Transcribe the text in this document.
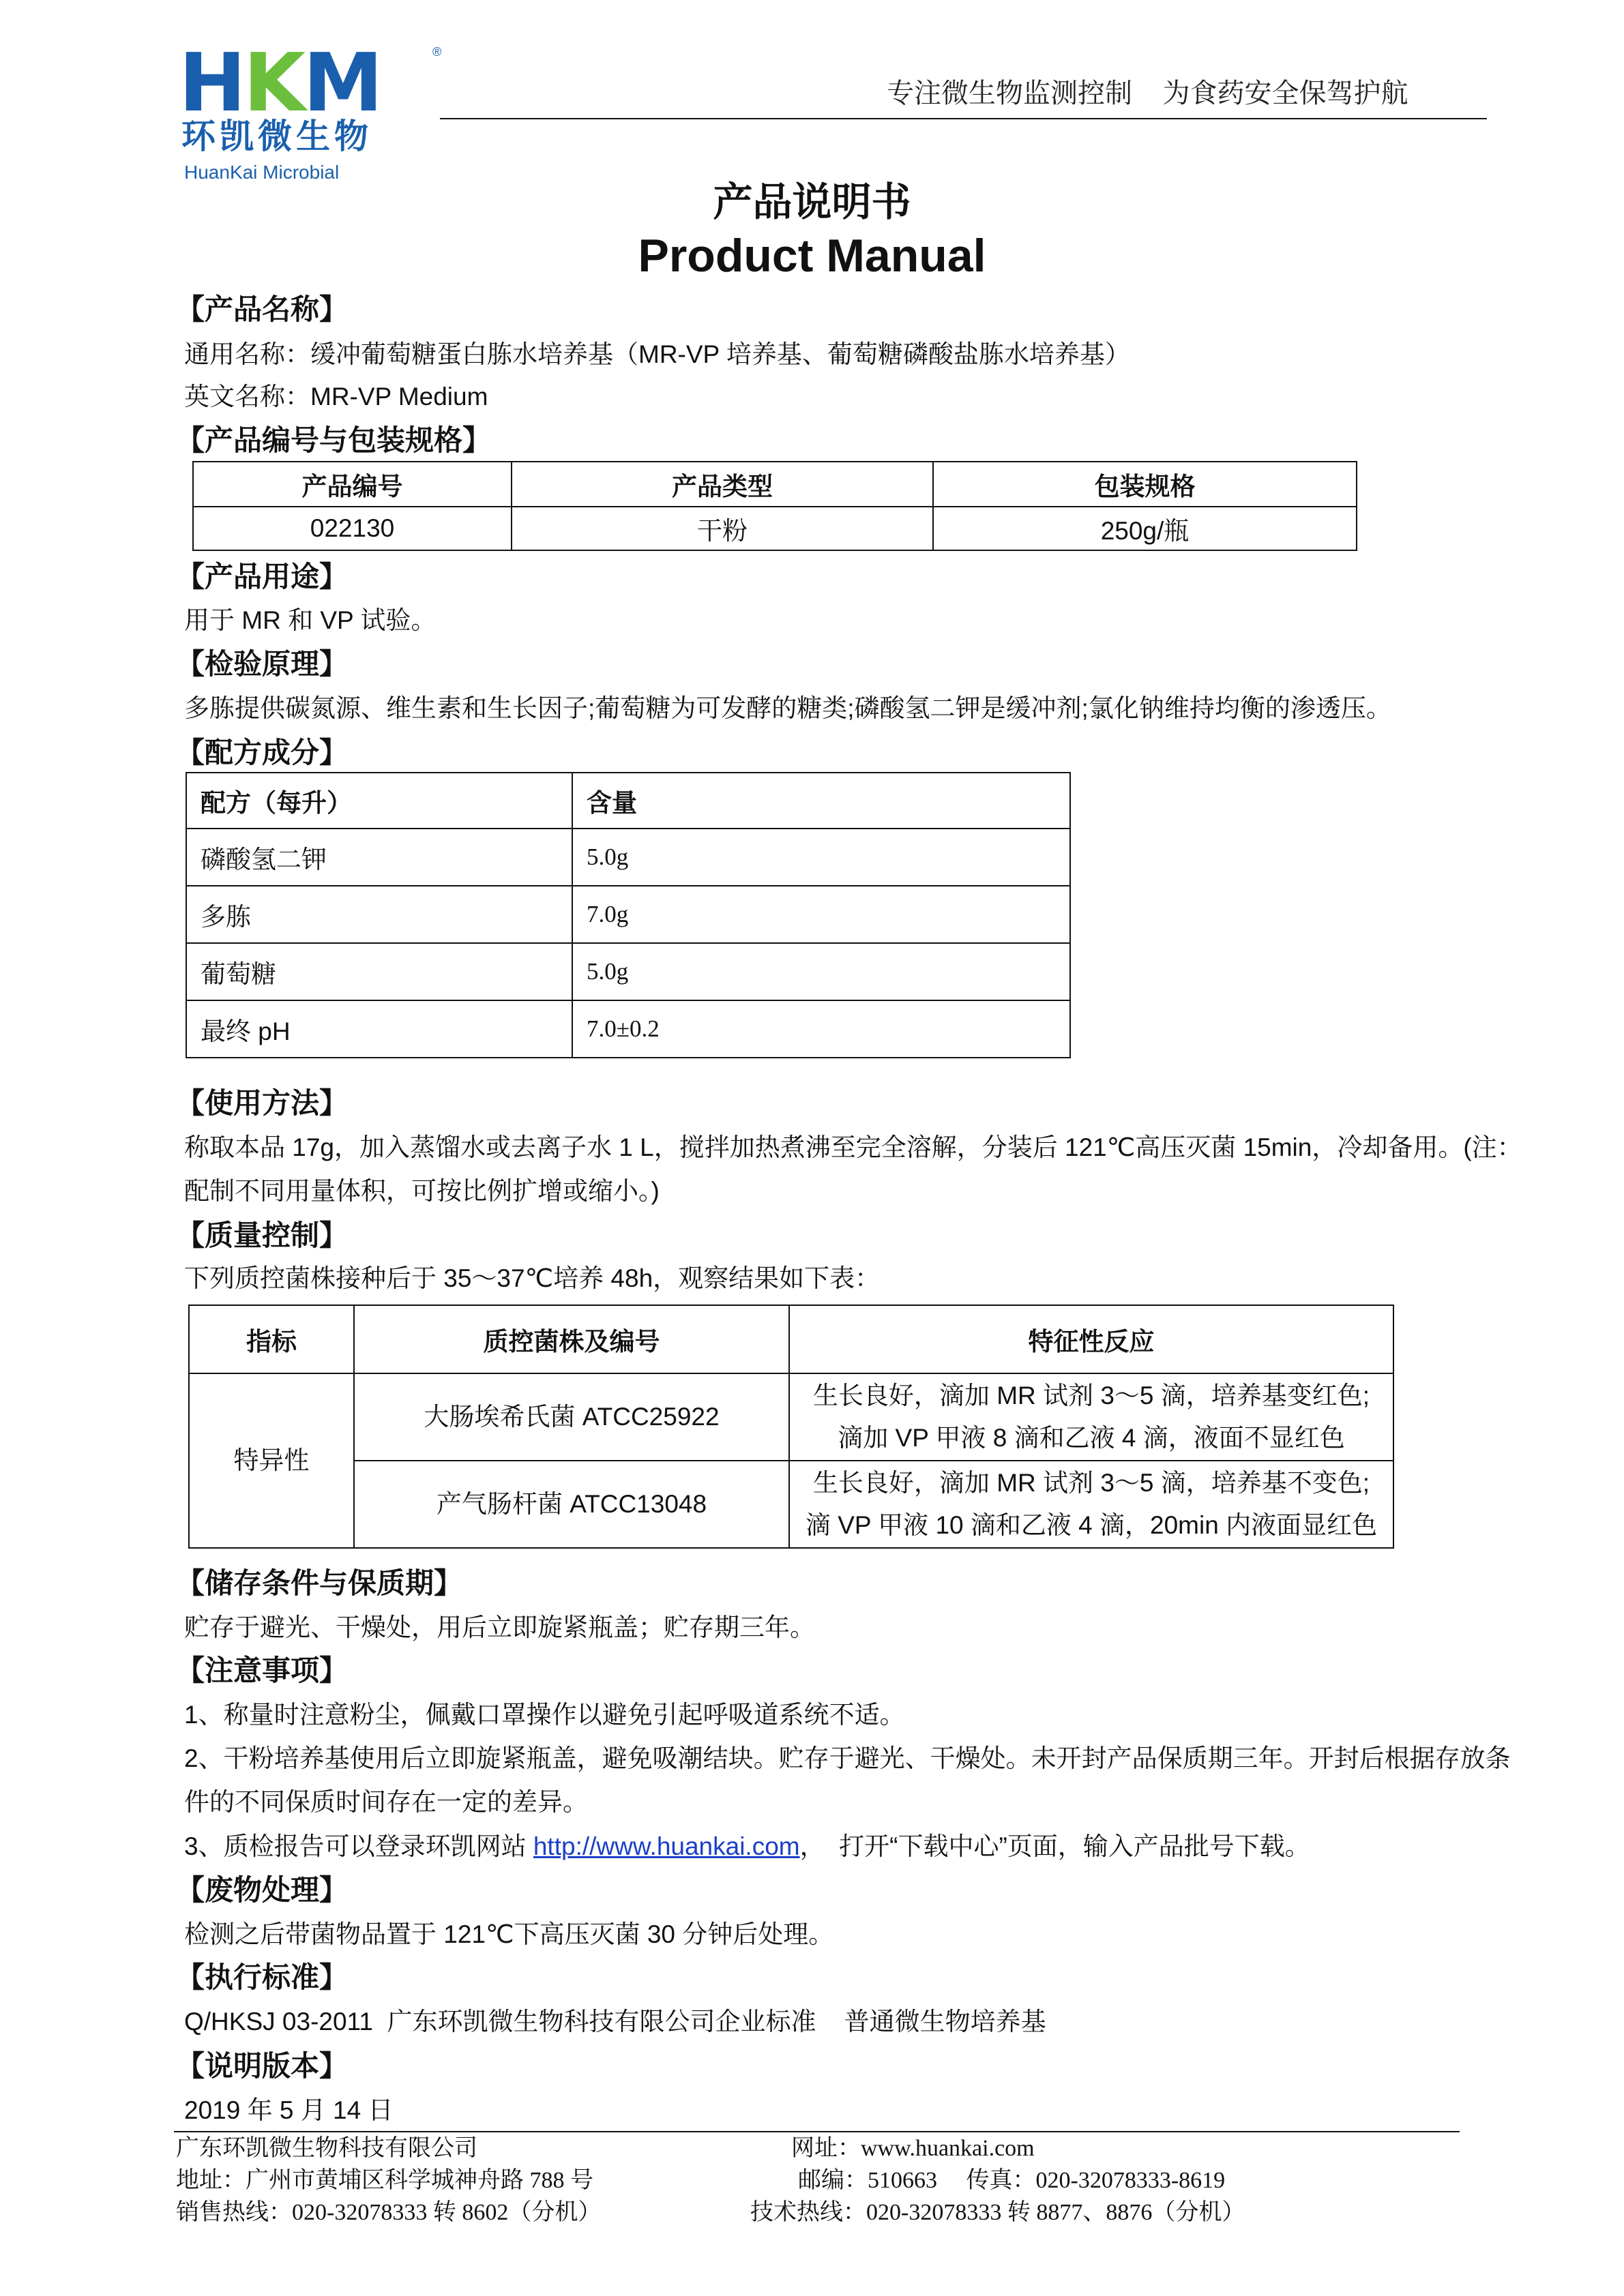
HKM	®
环凯微生物
HuanKai Microbial
专注微生物监测控制    为食药安全保驾护航
产品说明书
Product Manual
【产品名称】
通用名称：缓冲葡萄糖蛋白胨水培养基（MR-VP 培养基、葡萄糖磷酸盐胨水培养基）
英文名称：MR-VP Medium
【产品编号与包装规格】
产品编号	产品类型	包装规格
022130	干粉	250g/瓶
【产品用途】
用于 MR 和 VP 试验。
【检验原理】
多胨提供碳氮源、维生素和生长因子;葡萄糖为可发酵的糖类;磷酸氢二钾是缓冲剂;氯化钠维持均衡的渗透压。
【配方成分】
配方（每升）	含量
磷酸氢二钾	5.0g
多胨	7.0g
葡萄糖	5.0g
最终 pH	7.0±0.2
【使用方法】
称取本品 17g，加入蒸馏水或去离子水 1 L，搅拌加热煮沸至完全溶解，分装后 121℃高压灭菌 15min，冷却备用。(注：
配制不同用量体积，可按比例扩增或缩小。)
【质量控制】
下列质控菌株接种后于 35～37℃培养 48h，观察结果如下表：
指标	质控菌株及编号	特征性反应
特异性	大肠埃希氏菌 ATCC25922	生长良好，滴加 MR 试剂 3～5 滴，培养基变红色;
滴加 VP 甲液 8 滴和乙液 4 滴，液面不显红色

	产气肠杆菌 ATCC13048	生长良好，滴加 MR 试剂 3～5 滴，培养基不变色;
滴 VP 甲液 10 滴和乙液 4 滴，20min 内液面显红色
【储存条件与保质期】
贮存于避光、干燥处，用后立即旋紧瓶盖；贮存期三年。
【注意事项】
1、称量时注意粉尘，佩戴口罩操作以避免引起呼吸道系统不适。
2、干粉培养基使用后立即旋紧瓶盖，避免吸潮结块。贮存于避光、干燥处。未开封产品保质期三年。开封后根据存放条
件的不同保质时间存在一定的差异。
3、质检报告可以登录环凯网站 http://www.huankai.com，  打开“下载中心”页面，输入产品批号下载。
【废物处理】
检测之后带菌物品置于 121℃下高压灭菌 30 分钟后处理。
【执行标准】
Q/HKSJ 03-2011  广东环凯微生物科技有限公司企业标准    普通微生物培养基
【说明版本】
2019 年 5 月 14 日
广东环凯微生物科技有限公司	网址：www.huankai.com
地址：广州市黄埔区科学城神舟路 788 号	邮编：510663     传真：020-32078333-8619
销售热线：020-32078333 转 8602（分机）	技术热线：020-32078333 转 8877、8876（分机）
